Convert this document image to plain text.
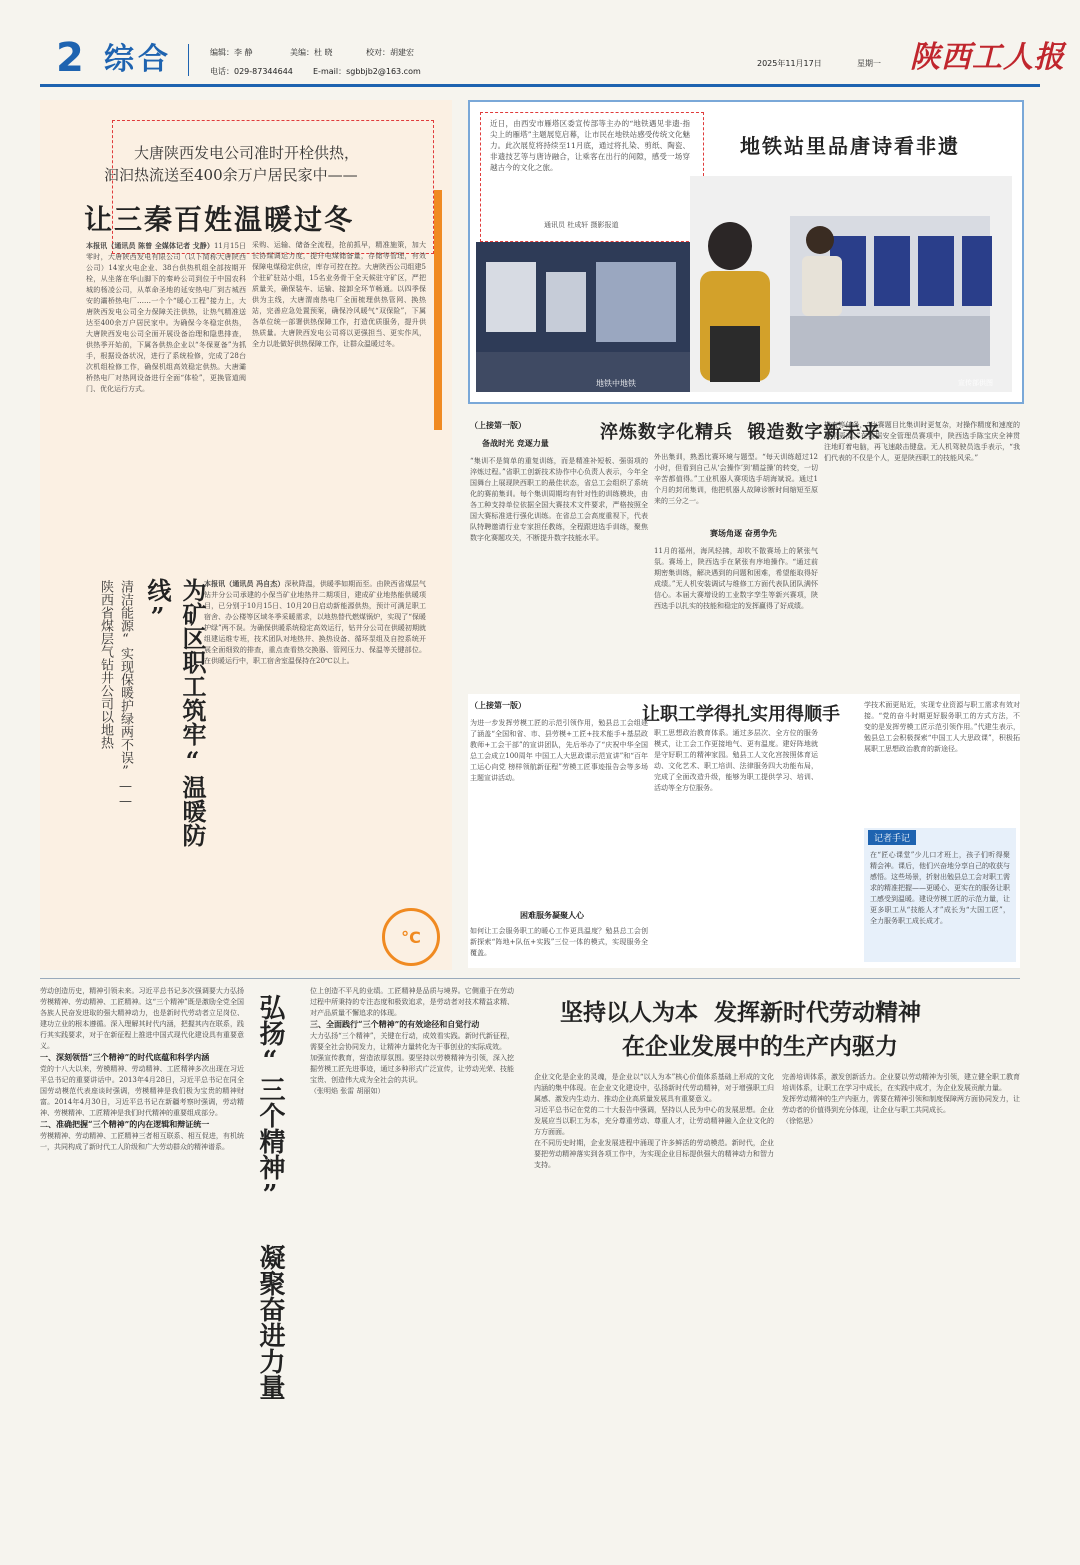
2 综合	编辑：李 静	美编：杜 晓	校对：胡建宏
电话：029-87344644	E-mail：sgbbjb2@163.com
2025年11月17日	星期一 陕西工人报
大唐陕西发电公司准时开栓供热，
汩汩热流送至400余万户居民家中——
让三秦百姓温暖过冬
本报讯（通讯员 陈曾 全媒体记者 戈静）11月15日零时，大唐陕西发电有限公司（以下简称大唐陕西公司）14家火电企业、38台供热机组全部按期开栓，从坐落在华山脚下的秦岭公司到位于中国农科城的杨凌公司，从革命圣地的延安热电厂到古城西安的灞桥热电厂……一个个“暖心工程”接力上，大唐陕西发电公司全力保障关注供热，让热气精准送达至400余万户居民家中。为确保今冬稳定供热，大唐陕西发电公司全面开展设备治理和隐患排查，供热季开始前，下属各供热企业以“冬保夏备”为抓手，根据设备状况，进行了系统检修，完成了28台次机组检修工作，确保机组高效稳定供热。大唐灞桥热电厂对热网设备进行全面“体检”，更换管道阀门、优化运行方式。
采购、运输、储备全流程，抢前抓早，精准施策，加大长协煤调运力度，提升电煤储备量，存储等管理，有效保障电煤稳定供应，库存可控在控。大唐陕西公司组建5个驻矿驻站小组，15名业务骨干全天候驻守矿区，严把质量关，确保装车、运输、接卸全环节畅通。以四季保供为主线，大唐渭南热电厂全面梳理供热管网、换热站，完善应急处置预案，确保冷风暖气“双保险”，下属各单位统一部署供热保障工作，打造优质服务，提升供热质量。大唐陕西发电公司将以更强担当、更实作风，全力以赴做好供热保障工作，让群众温暖过冬。
清洁能源“实现保暖护绿两不误”——
陕西省煤层气钻井公司以地热	为矿区职工筑牢“温暖防线”	本报讯（通讯员 冯自杰）深秋降温，供暖季如期而至。由陕西省煤层气钻井分公司承建的小保当矿业地热井二期项目，建成矿业地热能供暖项目，已分别于10月15日、10月20日启动新能源供热，预计可满足职工宿舍、办公楼等区域冬季采暖需求，以地热替代燃煤锅炉，实现了“保暖护绿”两不误。为确保供暖系统稳定高效运行，钻井分公司在供暖初期就组建运维专班，技术团队对地热井、换热设备、循环泵组及自控系统开展全面细致的排查，重点查看热交换器、管网压力、保温等关键部位。在供暖运行中，职工宿舍室温保持在20℃以上。
°C
近日，由西安市雁塔区委宣传部等主办的“地铁遇见非遗·指尖上的雁塔”主题展览启幕，让市民在地铁站感受传统文化魅力。此次展览将持续至11月底，通过将扎染、剪纸、陶瓷、非遗技艺等与唐诗融合，让乘客在出行的间隙，感受一场穿越古今的文化之旅。
通讯员 杜成轩 摄影报道
地铁站里品唐诗看非遗
地铁中地铁	宣传部供图
（上接第一版）
备战时光 竞逐力量
淬炼数字化精兵  锻造数字新未来
“集训不是简单的重复训练，而是精准补短板、强弱项的淬炼过程。”省职工创新技术协作中心负责人表示，今年全国舞台上展现陕西职工的最佳状态，省总工会组织了系统化的赛前集训。每个集训周期均有针对性的训练模块，由各工种支持单位依据全国大赛技术文件要求，严格按照全国大赛标准进行强化训练。在省总工会高度重视下，代表队特聘邀请行业专家担任教练，全程跟进选手训练，聚焦数字化赛题攻关，不断提升数字技能水平。
外出集训，熟悉比赛环境与题型。“每天训练超过12小时，但看到自己从‘会操作’到‘精益操’的转变，一切辛苦都值得。”工业机器人赛项选手胡海斌说。通过1个月的封闭集训，他把机器人故障诊断时间缩短至原来的三分之一。
赛场角逐 奋勇争先
11月的福州，海风轻拂，却吹不散赛场上的紧张气氛。赛场上，陕西选手在紧张有序地操作。“通过前期密集训练，解决遇到的问题和困难，希望能取得好成绩。”无人机安装调试与维修工方面代表队团队满怀信心。本届大赛增设的工业数字孪生等新兴赛项，陕西选手以扎实的技能和稳定的发挥赢得了好成绩。
排查等任务，“比赛题目比集训时更复杂，对操作精度和速度的要求更高。”在数据安全管理员赛项中，陕西选手陈宝庆全神贯注地盯着电脑，再飞速敲击键盘。无人机驾驶员选手表示，“我们代表的不仅是个人，更是陕西职工的技能风采。”
（上接第一版）	让职工学得扎实用得顺手
为进一步发挥劳模工匠的示范引领作用，勉县总工会组建了涵盖“全国和省、市、县劳模+工匠+技术能手+基层政教师+工会干部”的宣讲团队，先后举办了“庆祝中华全国总工会成立100周年 中国工人大思政课示范宣讲”和“百年工运心向党 榜样领航新征程”劳模工匠事迹报告会等多场主题宣讲活动。
困难服务凝聚人心
如何让工会服务职工的暖心工作更具温度？勉县总工会创新探索“阵地+队伍+实践”三位一体的模式，实现服务全覆盖。
职工思想政治教育体系。通过多层次、全方位的服务模式，让工会工作更接地气、更有温度。建好阵地就是守好职工的精神家园。勉县工人文化宫按照体育运动、文化艺术、职工培训、法律服务四大功能布局，完成了全面改造升级，能够为职工提供学习、培训、活动等全方位服务。
学技术面更贴近，实现专业资源与职工需求有效对接。“党的奋斗时期更好服务职工的方式方法，不变的是发挥劳模工匠示范引领作用。”代建生表示，勉县总工会积极探索“中国工人大思政课”，积极拓展职工思想政治教育的新途径。
记者手记
在“匠心课堂”少儿口才班上，孩子们听得聚精会神。课后，他们兴奋地分享自己的收获与感悟。这些场景，折射出勉县总工会对职工需求的精准把握——更暖心、更实在的服务让职工感受到温暖。建设劳模工匠的示范力量，让更多职工从“技能人才”成长为“大国工匠”，全力服务职工成长成才。
劳动创造历史，精神引领未来。习近平总书记多次强调要大力弘扬劳模精神、劳动精神、工匠精神。这“三个精神”既是激励全党全国各族人民奋发进取的强大精神动力，也是新时代劳动者立足岗位、建功立业的根本遵循。深入理解其时代内涵，把握其内在联系，践行其实践要求，对于在新征程上推进中国式现代化建设具有重要意义。
一、深刻领悟“三个精神”的时代底蕴和科学内涵
党的十八大以来，劳模精神、劳动精神、工匠精神多次出现在习近平总书记的重要讲话中。2013年4月28日，习近平总书记在同全国劳动模范代表座谈时强调，劳模精神是我们极为宝贵的精神财富。2014年4月30日，习近平总书记在新疆考察时强调，劳动精神、劳模精神、工匠精神是我们时代精神的重要组成部分。
二、准确把握“三个精神”的内在逻辑和辩证统一
劳模精神、劳动精神、工匠精神三者相互联系、相互促进，有机统一，共同构成了新时代工人阶级和广大劳动群众的精神谱系。	弘扬“三个精神”
凝聚奋进力量
位上创造不平凡的业绩。工匠精神是品质与境界。它侧重于在劳动过程中所秉持的专注态度和极致追求，是劳动者对技术精益求精、对产品质量不懈追求的体现。
三、全面践行“三个精神”的有效途径和自觉行动
大力弘扬“三个精神”，关键在行动，成效看实践。新时代新征程，需要全社会协同发力，让精神力量转化为干事创业的实际成效。
加强宣传教育，营造浓厚氛围。要坚持以劳模精神为引领，深入挖掘劳模工匠先进事迹，通过多种形式广泛宣传，让劳动光荣、技能宝贵、创造伟大成为全社会的共识。
（张明焰 张雷 胡丽如）
坚持以人为本  发挥新时代劳动精神
在企业发展中的生产内驱力
企业文化是企业的灵魂，是企业以“以人为本”核心价值体系基础上形成的文化内涵的集中体现。在企业文化建设中，弘扬新时代劳动精神，对于增强职工归属感、激发内生动力、推动企业高质量发展具有重要意义。
习近平总书记在党的二十大报告中强调，坚持以人民为中心的发展思想。企业发展应当以职工为本，充分尊重劳动、尊重人才，让劳动精神融入企业文化的方方面面。
在不同历史时期，企业发展进程中涌现了许多鲜活的劳动模范。新时代，企业要把劳动精神落实到各项工作中，为实现企业目标提供强大的精神动力和智力支持。
完善培训体系，激发创新活力。企业要以劳动精神为引领，建立健全职工教育培训体系，让职工在学习中成长，在实践中成才，为企业发展贡献力量。
发挥劳动精神的生产内驱力，需要在精神引领和制度保障两方面协同发力，让劳动者的价值得到充分体现，让企业与职工共同成长。
（徐铭思）
